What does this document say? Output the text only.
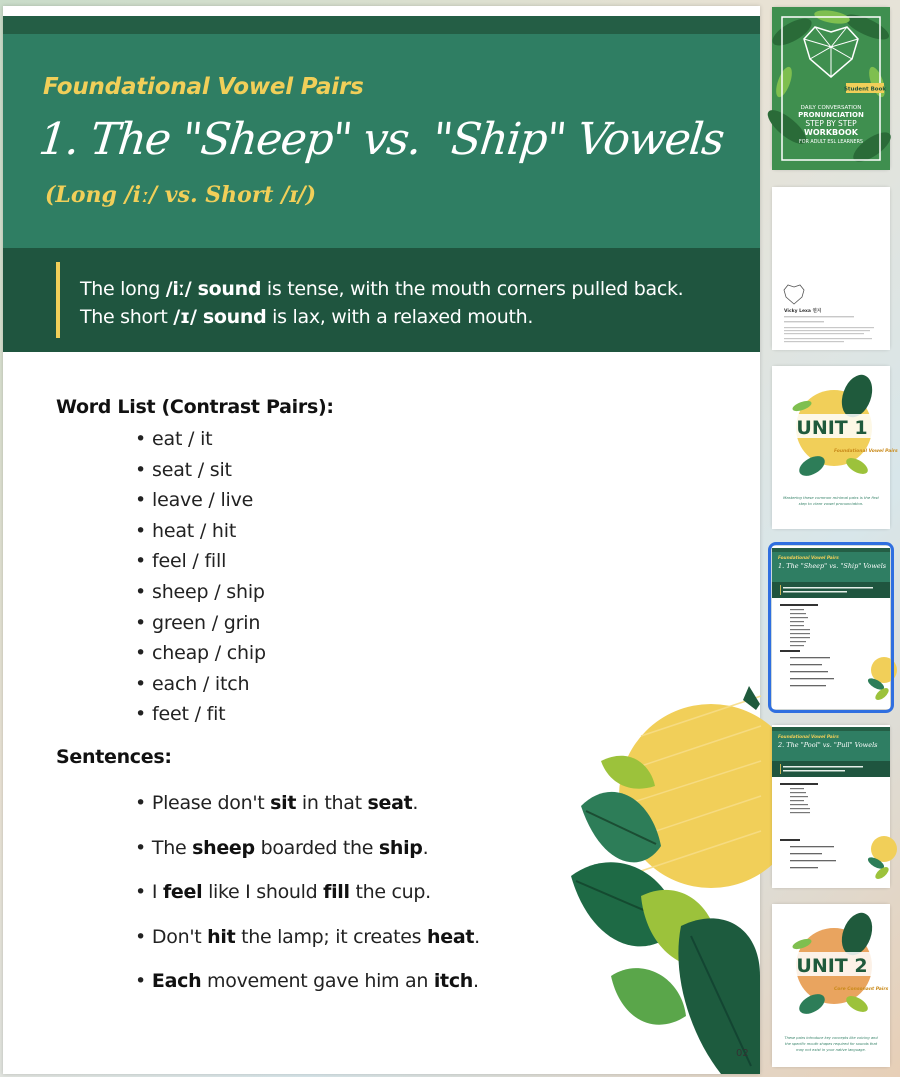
Foundational Vowel Pairs
1. The "Sheep" vs. "Ship" Vowels
(Long /iː/ vs. Short /ɪ/)
The long /iː/ sound is tense, with the mouth corners pulled back.
The short /ɪ/ sound is lax, with a relaxed mouth.
Word List (Contrast Pairs):
• eat / it
• seat / sit
• leave / live
• heat / hit
• feel / fill
• sheep / ship
• green / grin
• cheap / chip
• each / itch
• feet / fit
Sentences:
• Please don't sit in that seat.
• The sheep boarded the ship.
• I feel like I should fill the cup.
• Don't hit the lamp; it creates heat.
• Each movement gave him an itch.
02
Student Book
DAILY CONVERSATION
PRONUNCIATION
STEP BY STEP
WORKBOOK
FOR ADULT ESL LEARNERS
Vicky Lexa 연지
UNIT 1
Foundational Vowel Pairs
Mastering these common minimal pairs is the first
step to clear vowel pronunciation.
Foundational Vowel Pairs
1. The "Sheep" vs. "Ship" Vowels
Foundational Vowel Pairs
2. The "Pool" vs. "Pull" Vowels
UNIT 2
Core Consonant Pairs
These pairs introduce key concepts like voicing and
the specific mouth shapes required for sounds that
may not exist in your native language.
